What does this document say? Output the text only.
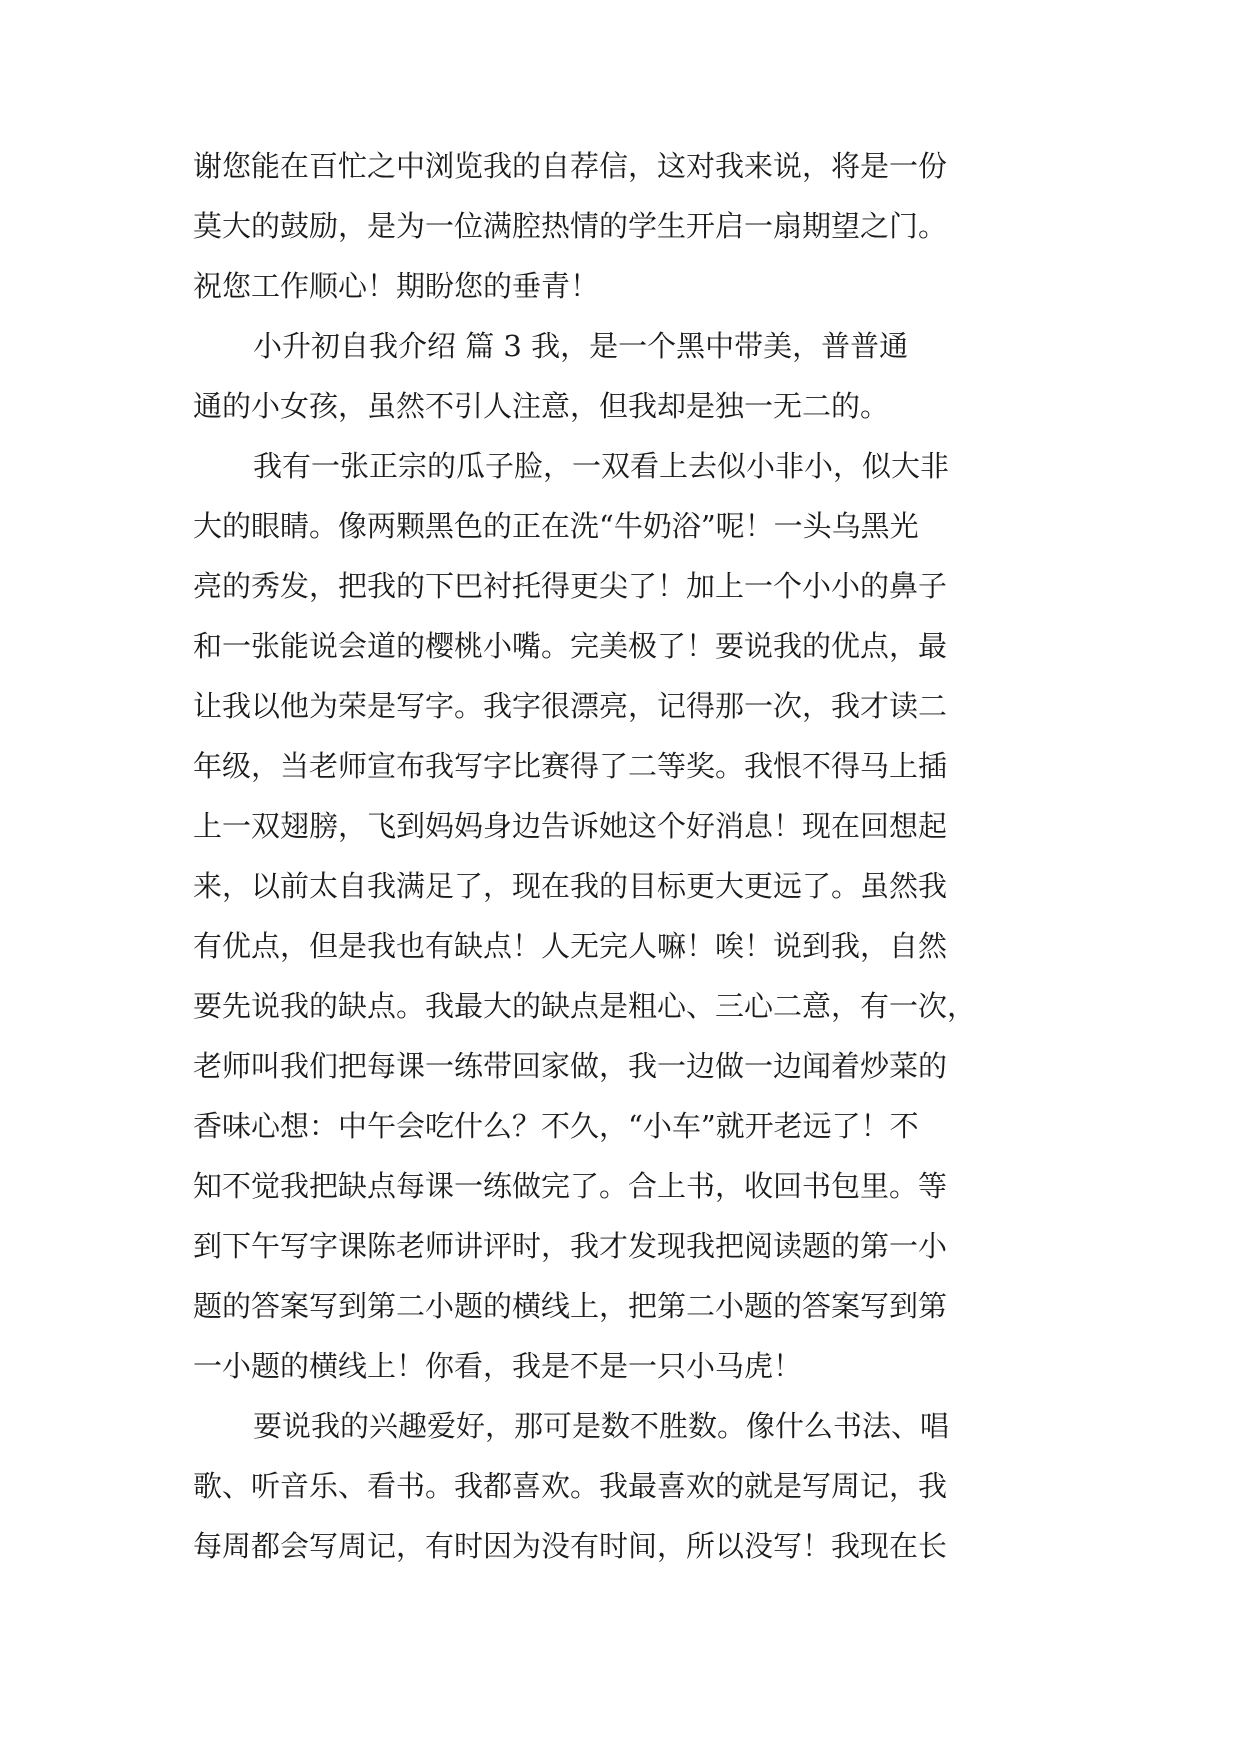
谢您能在百忙之中浏览我的自荐信，这对我来说，将是一份
莫大的鼓励，是为一位满腔热情的学生开启一扇期望之门。
祝您工作顺心！期盼您的垂青！
小升初自我介绍 篇 3 我，是一个黑中带美，普普通
通的小女孩，虽然不引人注意，但我却是独一无二的。
我有一张正宗的瓜子脸，一双看上去似小非小，似大非
大的眼睛。像两颗黑色的正在洗“牛奶浴”呢！一头乌黑光
亮的秀发，把我的下巴衬托得更尖了！加上一个小小的鼻子
和一张能说会道的樱桃小嘴。完美极了！要说我的优点，最
让我以他为荣是写字。我字很漂亮，记得那一次，我才读二
年级，当老师宣布我写字比赛得了二等奖。我恨不得马上插
上一双翅膀，飞到妈妈身边告诉她这个好消息！现在回想起
来，以前太自我满足了，现在我的目标更大更远了。虽然我
有优点，但是我也有缺点！人无完人嘛！唉！说到我，自然
要先说我的缺点。我最大的缺点是粗心、三心二意，有一次，
老师叫我们把每课一练带回家做，我一边做一边闻着炒菜的
香味心想：中午会吃什么？不久，“小车”就开老远了！不
知不觉我把缺点每课一练做完了。合上书，收回书包里。等
到下午写字课陈老师讲评时，我才发现我把阅读题的第一小
题的答案写到第二小题的横线上，把第二小题的答案写到第
一小题的横线上！你看，我是不是一只小马虎！
要说我的兴趣爱好，那可是数不胜数。像什么书法、唱
歌、听音乐、看书。我都喜欢。我最喜欢的就是写周记，我
每周都会写周记，有时因为没有时间，所以没写！我现在长
